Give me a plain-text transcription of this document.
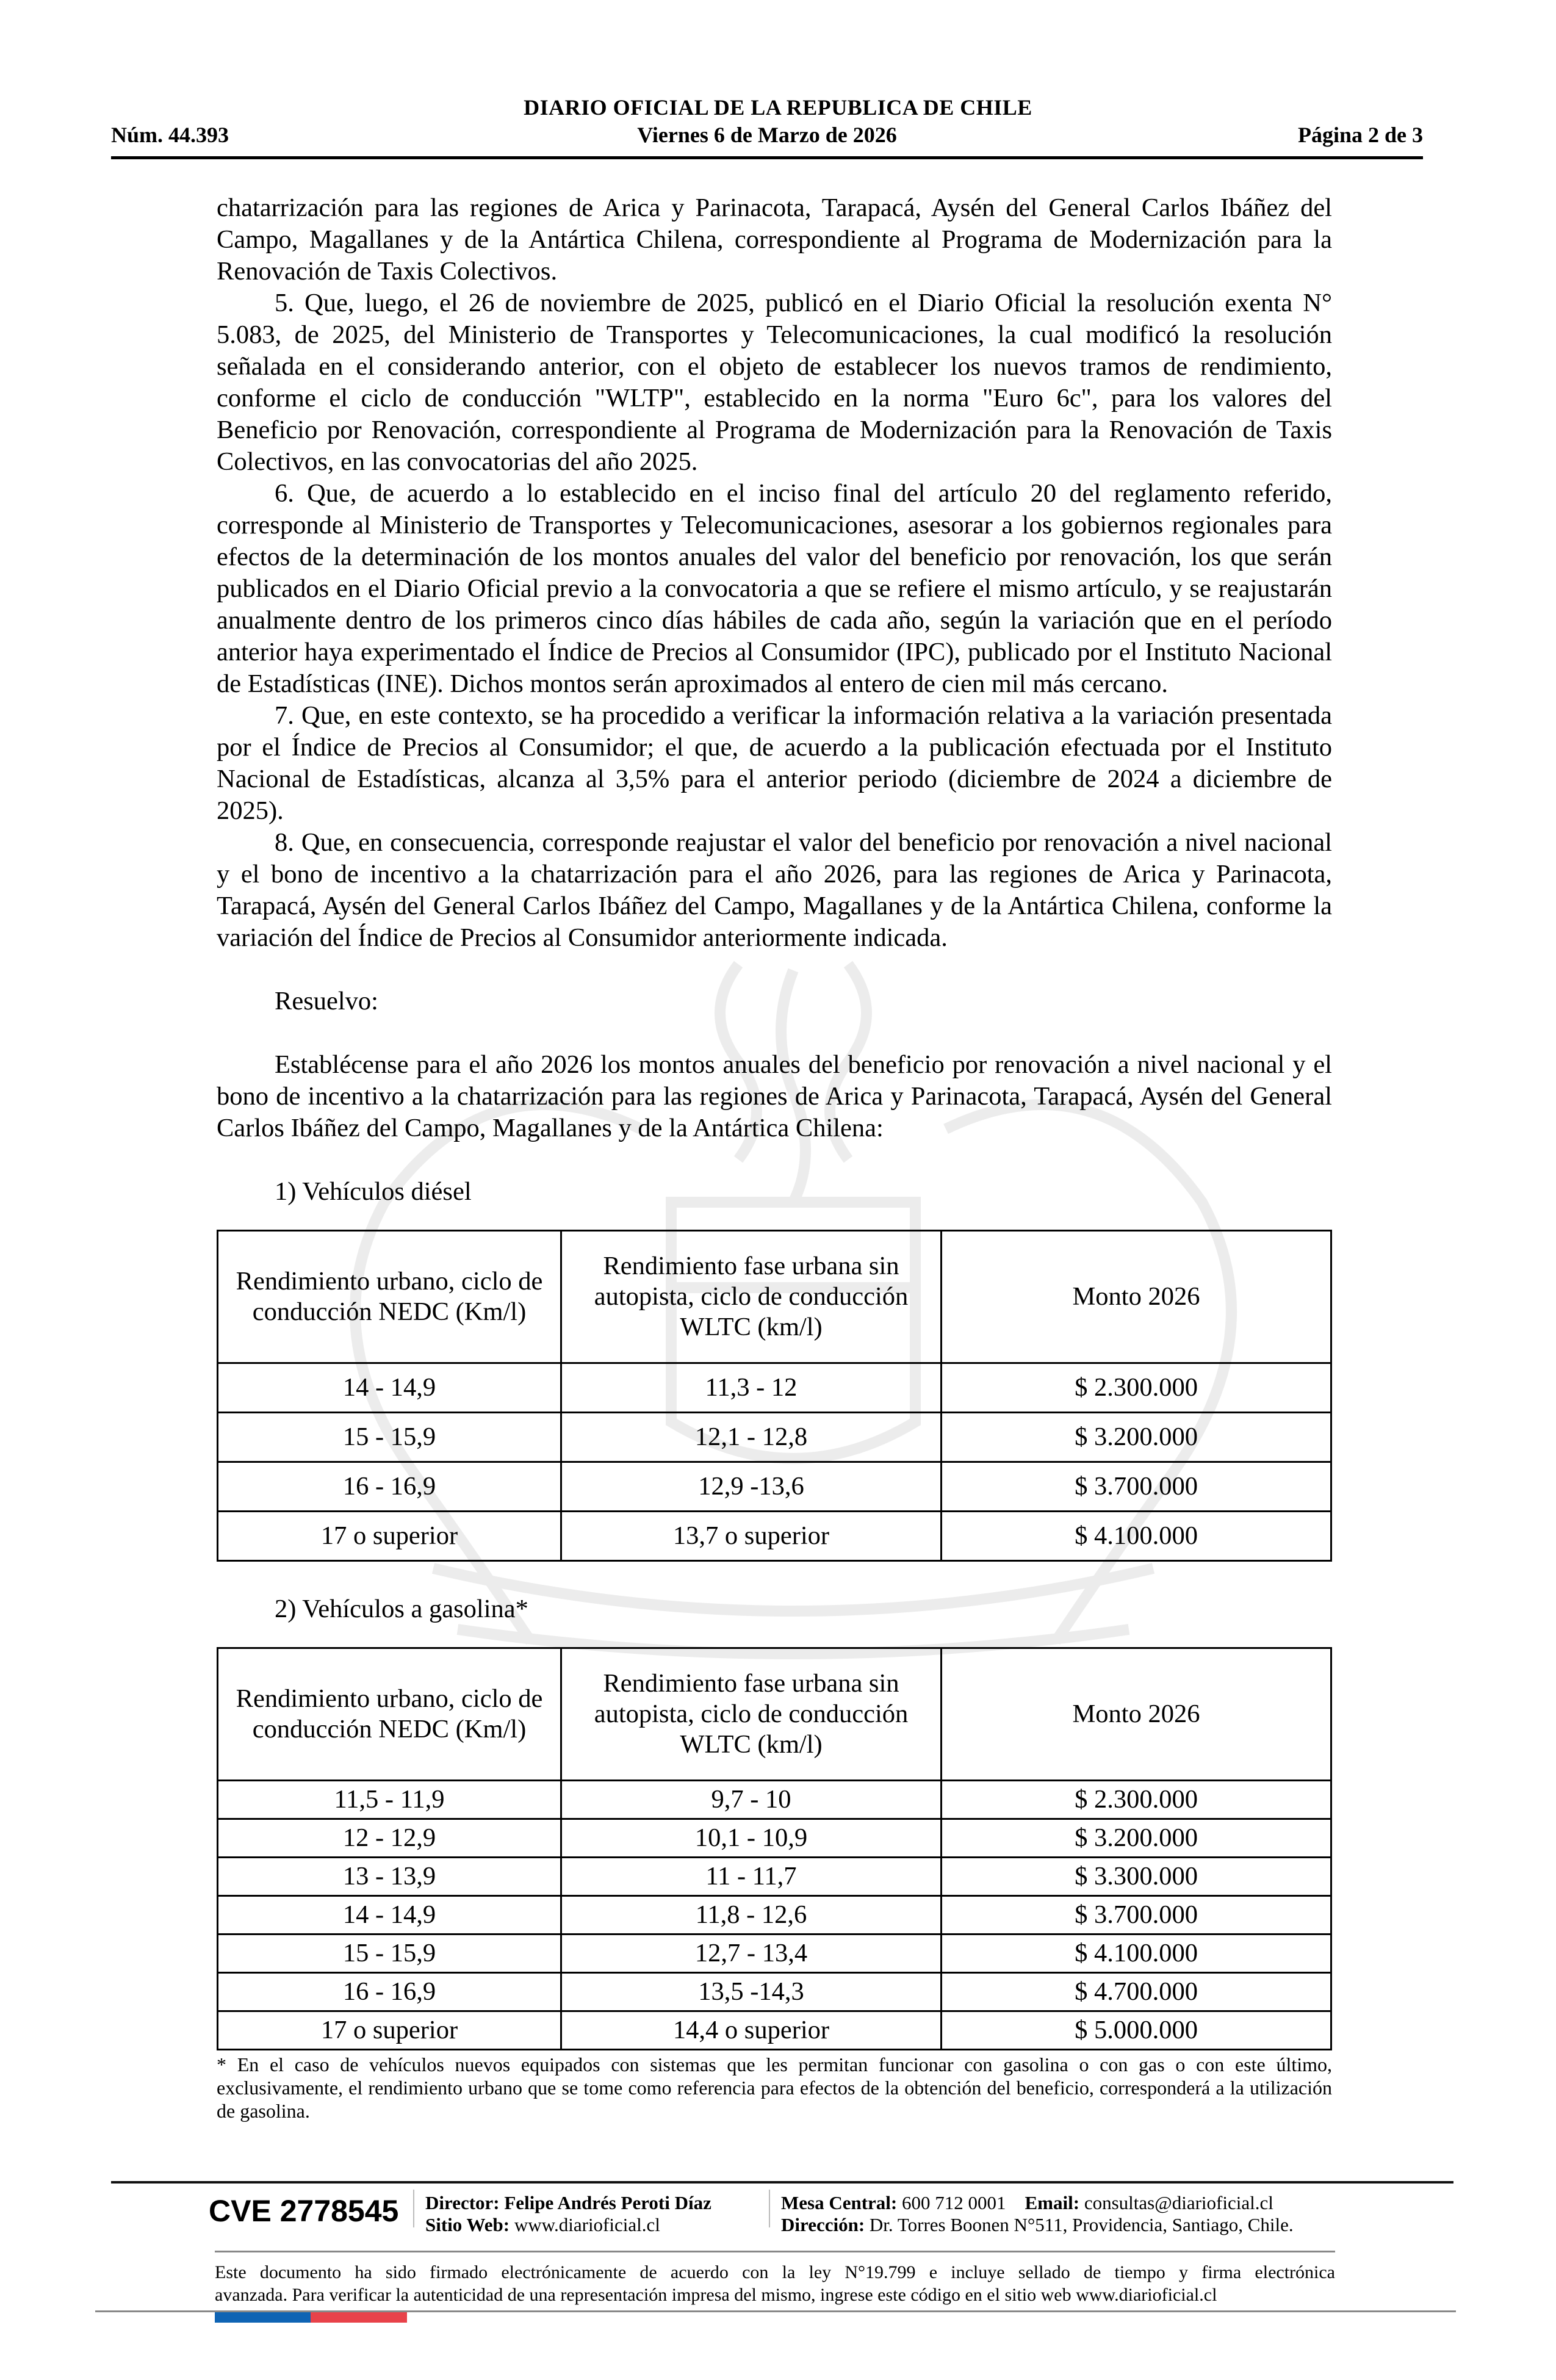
DIARIO OFICIAL DE LA REPUBLICA DE CHILE
Núm. 44.393	Viernes 6 de Marzo de 2026	Página 2 de 3

chatarrización para las regiones de Arica y Parinacota, Tarapacá, Aysén del General Carlos Ibáñez del Campo, Magallanes y de la Antártica Chilena, correspondiente al Programa de Modernización para la Renovación de Taxis Colectivos.

5. Que, luego, el 26 de noviembre de 2025, publicó en el Diario Oficial la resolución exenta N° 5.083, de 2025, del Ministerio de Transportes y Telecomunicaciones, la cual modificó la resolución señalada en el considerando anterior, con el objeto de establecer los nuevos tramos de rendimiento, conforme el ciclo de conducción "WLTP", establecido en la norma "Euro 6c", para los valores del Beneficio por Renovación, correspondiente al Programa de Modernización para la Renovación de Taxis Colectivos, en las convocatorias del año 2025.

6. Que, de acuerdo a lo establecido en el inciso final del artículo 20 del reglamento referido, corresponde al Ministerio de Transportes y Telecomunicaciones, asesorar a los gobiernos regionales para efectos de la determinación de los montos anuales del valor del beneficio por renovación, los que serán publicados en el Diario Oficial previo a la convocatoria a que se refiere el mismo artículo, y se reajustarán anualmente dentro de los primeros cinco días hábiles de cada año, según la variación que en el período anterior haya experimentado el Índice de Precios al Consumidor (IPC), publicado por el Instituto Nacional de Estadísticas (INE). Dichos montos serán aproximados al entero de cien mil más cercano.

7. Que, en este contexto, se ha procedido a verificar la información relativa a la variación presentada por el Índice de Precios al Consumidor; el que, de acuerdo a la publicación efectuada por el Instituto Nacional de Estadísticas, alcanza al 3,5% para el anterior periodo (diciembre de 2024 a diciembre de 2025).

8. Que, en consecuencia, corresponde reajustar el valor del beneficio por renovación a nivel nacional y el bono de incentivo a la chatarrización para el año 2026, para las regiones de Arica y Parinacota, Tarapacá, Aysén del General Carlos Ibáñez del Campo, Magallanes y de la Antártica Chilena, conforme la variación del Índice de Precios al Consumidor anteriormente indicada.

Resuelvo:

Establécense para el año 2026 los montos anuales del beneficio por renovación a nivel nacional y el bono de incentivo a la chatarrización para las regiones de Arica y Parinacota, Tarapacá, Aysén del General Carlos Ibáñez del Campo, Magallanes y de la Antártica Chilena:

1) Vehículos diésel

Rendimiento urbano, ciclo de conducción NEDC (Km/l)	Rendimiento fase urbana sin autopista, ciclo de conducción WLTC (km/l)	Monto 2026
14 - 14,9	11,3 - 12	$ 2.300.000
15 - 15,9	12,1 - 12,8	$ 3.200.000
16 - 16,9	12,9 -13,6	$ 3.700.000
17 o superior	13,7 o superior	$ 4.100.000

2) Vehículos a gasolina*

Rendimiento urbano, ciclo de conducción NEDC (Km/l)	Rendimiento fase urbana sin autopista, ciclo de conducción WLTC (km/l)	Monto 2026
11,5 - 11,9	9,7 - 10	$ 2.300.000
12 - 12,9	10,1 - 10,9	$ 3.200.000
13 - 13,9	11 - 11,7	$ 3.300.000
14 - 14,9	11,8 - 12,6	$ 3.700.000
15 - 15,9	12,7 - 13,4	$ 4.100.000
16 - 16,9	13,5 -14,3	$ 4.700.000
17 o superior	14,4 o superior	$ 5.000.000

* En el caso de vehículos nuevos equipados con sistemas que les permitan funcionar con gasolina o con gas o con este último, exclusivamente, el rendimiento urbano que se tome como referencia para efectos de la obtención del beneficio, corresponderá a la utilización de gasolina.

CVE 2778545 Director: Felipe Andrés Peroti Díaz
Sitio Web: www.diarioficial.cl
Mesa Central: 600 712 0001 Email: consultas@diarioficial.cl
Dirección: Dr. Torres Boonen N°511, Providencia, Santiago, Chile.

Este documento ha sido firmado electrónicamente de acuerdo con la ley N°19.799 e incluye sellado de tiempo y firma electrónica

avanzada. Para verificar la autenticidad de una representación impresa del mismo, ingrese este código en el sitio web www.diarioficial.cl
